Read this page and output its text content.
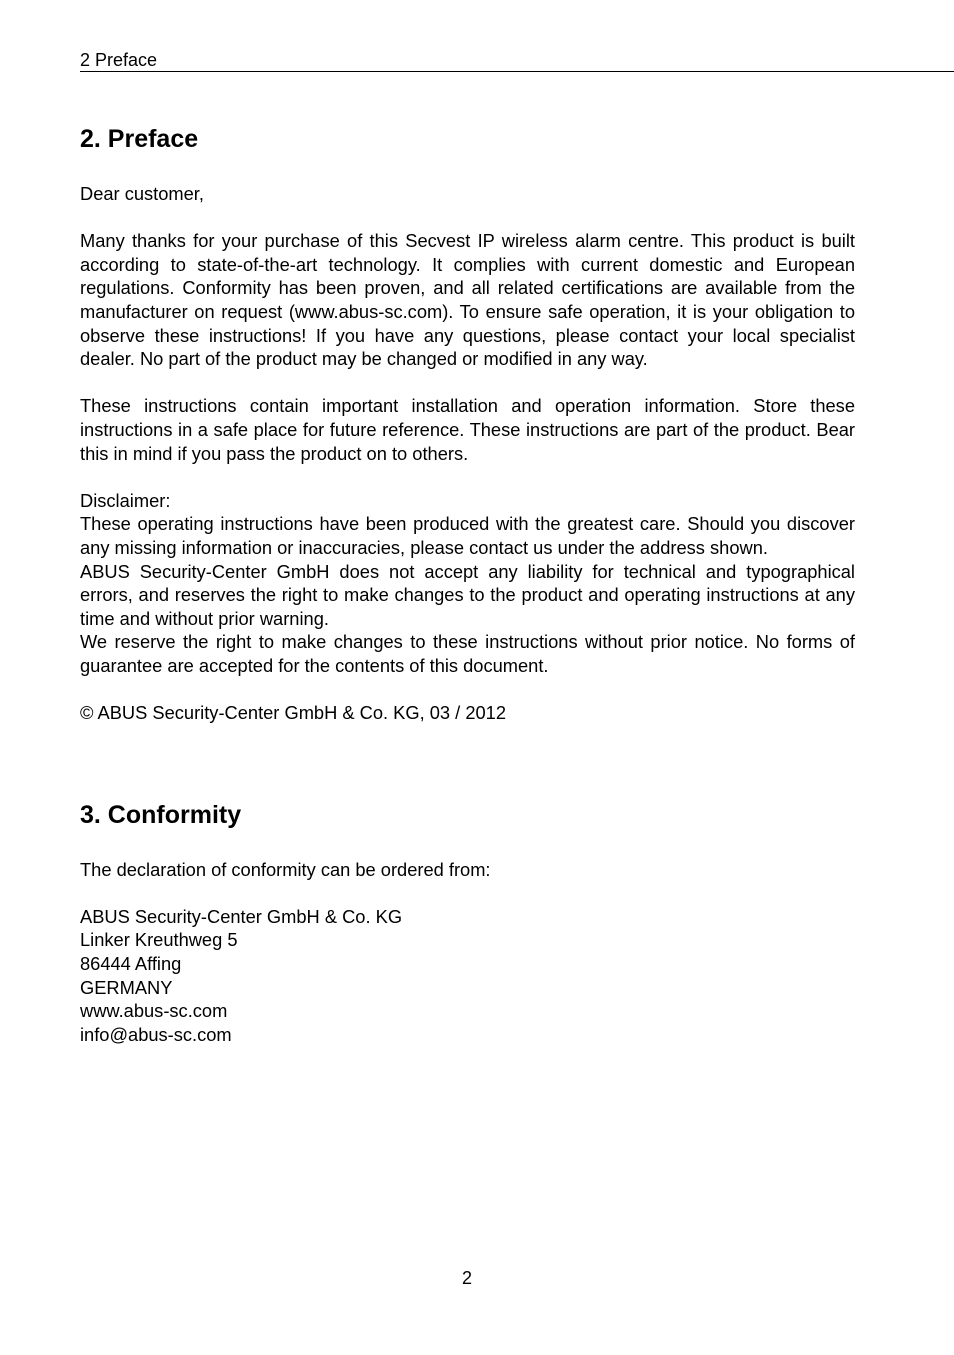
2 Preface
2. Preface

Dear customer,

Many thanks for your purchase of this Secvest IP wireless alarm centre. This product is built according to state-of-the-art technology. It complies with current domestic and European regulations. Conformity has been proven, and all related certifications are available from the manufacturer on request (www.abus-sc.com). To ensure safe operation, it is your obligation to observe these instructions! If you have any questions, please contact your local specialist dealer. No part of the product may be changed or modified in any way.

These instructions contain important installation and operation information. Store these instructions in a safe place for future reference. These instructions are part of the product. Bear this in mind if you pass the product on to others.

Disclaimer:

These operating instructions have been produced with the greatest care. Should you discover any missing information or inaccuracies, please contact us under the address shown.

ABUS Security-Center GmbH does not accept any liability for technical and typographical errors, and reserves the right to make changes to the product and operating instructions at any time and without prior warning.

We reserve the right to make changes to these instructions without prior notice. No forms of guarantee are accepted for the contents of this document.

© ABUS Security-Center GmbH & Co. KG, 03 / 2012

3. Conformity

The declaration of conformity can be ordered from:

ABUS Security-Center GmbH & Co. KG

Linker Kreuthweg 5

86444 Affing

GERMANY

www.abus-sc.com

info@abus-sc.com

2
